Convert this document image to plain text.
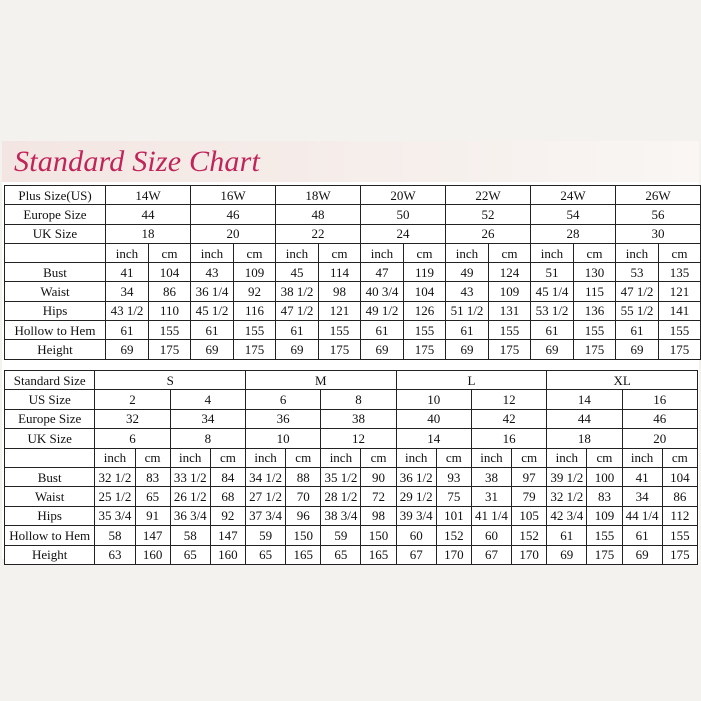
Standard Size Chart
Plus Size(US)	14W		16W		18W		20W		22W		24W		26W	
Europe Size	44		46		48		50		52		54		56	
UK Size	18		20		22		24		26		28		30	
	inch	cm	inch	cm	inch	cm	inch	cm	inch	cm	inch	cm	inch	cm
Bust	41	104	43	109	45	114	47	119	49	124	51	130	53	135
Waist	34	86	36 1/4	92	38 1/2	98	40 3/4	104	43	109	45 1/4	115	47 1/2	121
Hips	43 1/2	110	45 1/2	116	47 1/2	121	49 1/2	126	51 1/2	131	53 1/2	136	55 1/2	141
Hollow to Hem	61	155	61	155	61	155	61	155	61	155	61	155	61	155
Height	69	175	69	175	69	175	69	175	69	175	69	175	69	175
Standard Size	S				M				L				XL			
US Size	2		4		6		8		10		12		14		16	
Europe Size	32		34		36		38		40		42		44		46	
UK Size	6		8		10		12		14		16		18		20	
	inch	cm	inch	cm	inch	cm	inch	cm	inch	cm	inch	cm	inch	cm	inch	cm
Bust	32 1/2	83	33 1/2	84	34 1/2	88	35 1/2	90	36 1/2	93	38	97	39 1/2	100	41	104
Waist	25 1/2	65	26 1/2	68	27 1/2	70	28 1/2	72	29 1/2	75	31	79	32 1/2	83	34	86
Hips	35 3/4	91	36 3/4	92	37 3/4	96	38 3/4	98	39 3/4	101	41 1/4	105	42 3/4	109	44 1/4	112
Hollow to Hem	58	147	58	147	59	150	59	150	60	152	60	152	61	155	61	155
Height	63	160	65	160	65	165	65	165	67	170	67	170	69	175	69	175
